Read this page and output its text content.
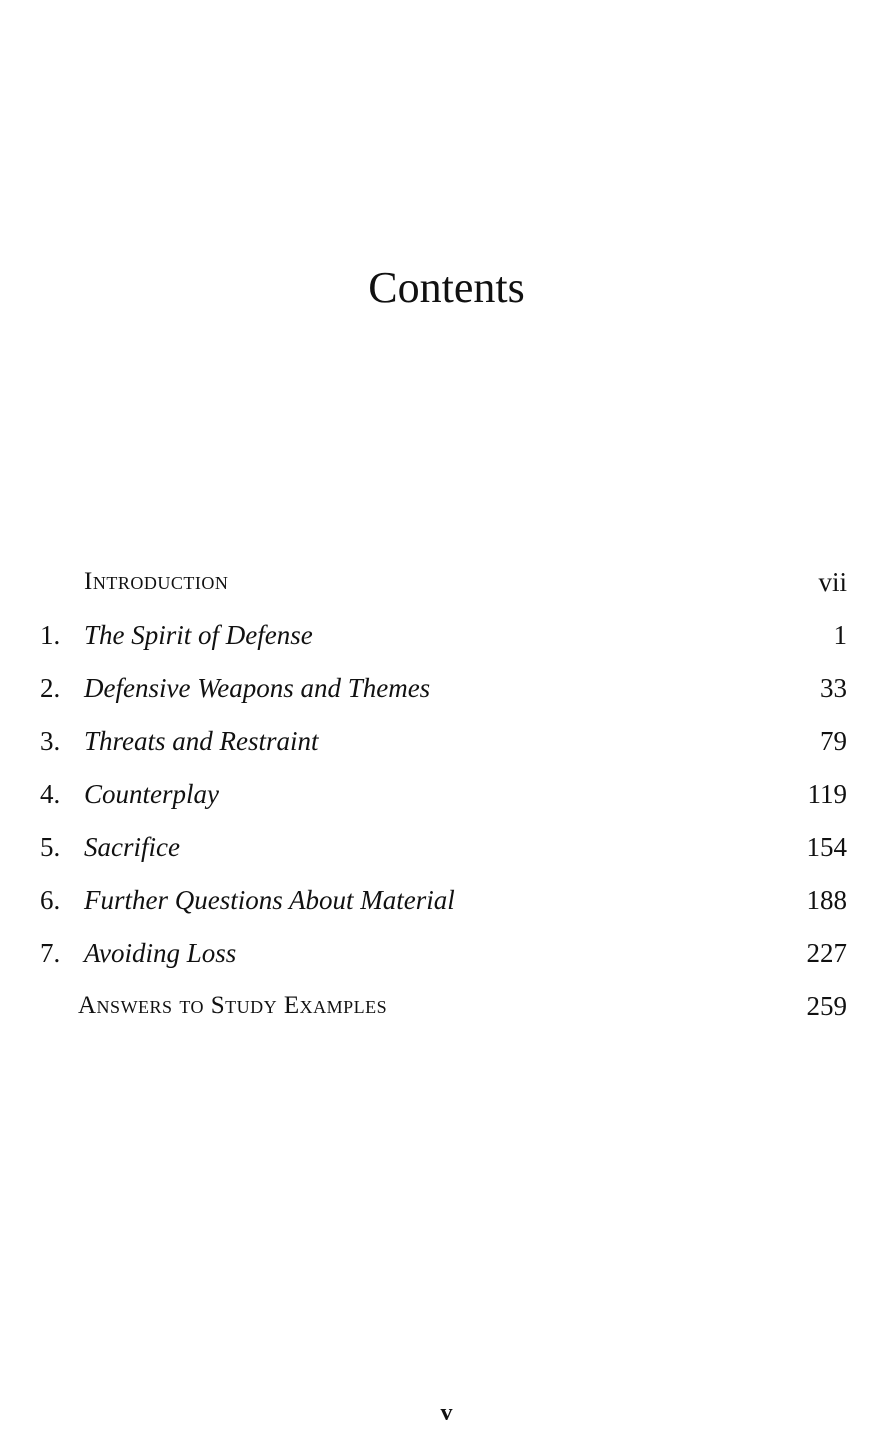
Contents
Introduction	vii
1. The Spirit of Defense	1
2. Defensive Weapons and Themes	33
3. Threats and Restraint	79
4. Counterplay	119
5. Sacrifice	154
6. Further Questions About Material	188
7. Avoiding Loss	227
Answers to Study Examples	259
v
